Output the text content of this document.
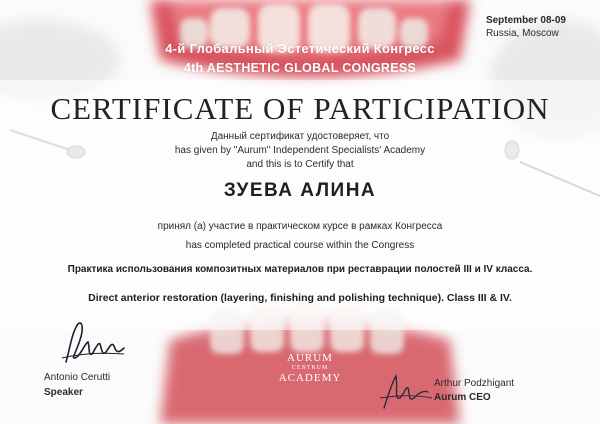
September 08-09
Russia, Moscow
4-й Глобальный Эстетический Конгресс
4th AESTHETIC GLOBAL CONGRESS
CERTIFICATE OF PARTICIPATION
Данный сертификат удостоверяет, что
has given by "Aurum" Independent Specialists' Academy
and this is to Certify that
ЗУЕВА АЛИНА
принял (а) участие в практическом курсе в рамках Конгресса
has completed practical course within the Congress
Практика использования композитных материалов при реставрации полостей III и IV класса.
Direct anterior restoration (layering, finishing and polishing technique). Class III & IV.
Antonio Cerutti
Speaker
AURUM
CENTRUM
ACADEMY	Arthur Podzhigant
Aurum CEO
